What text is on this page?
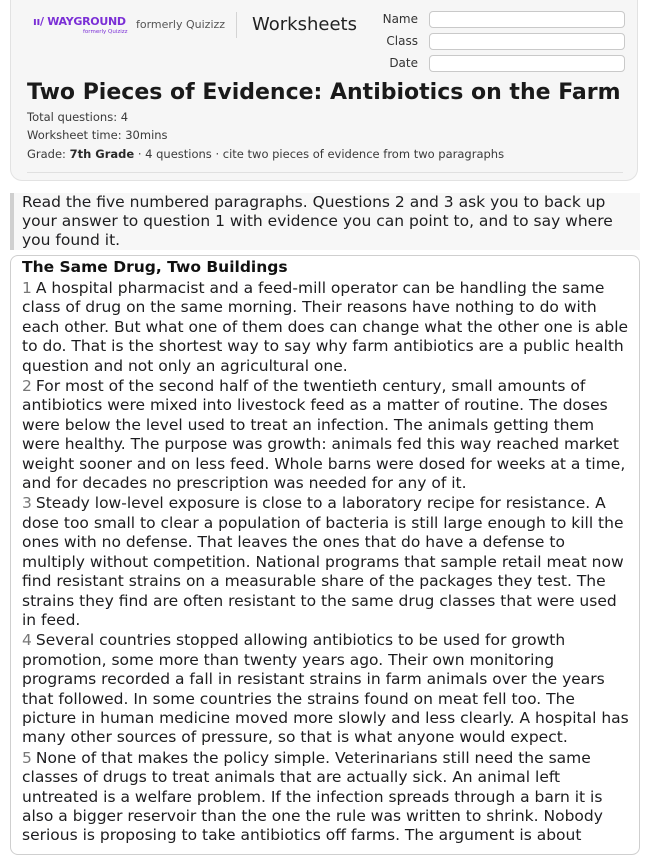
ıı/ WAYGROUND
formerly Quizizz
formerly Quizizz Worksheets	Name
Class
Date
Two Pieces of Evidence: Antibiotics on the Farm
Total questions: 4
Worksheet time: 30mins
Grade: 7th Grade · 4 questions · cite two pieces of evidence from two paragraphs
Read the five numbered paragraphs. Questions 2 and 3 ask you to back up your answer to question 1 with evidence you can point to, and to say where you found it.
The Same Drug, Two Buildings

1 A hospital pharmacist and a feed-mill operator can be handling the same class of drug on the same morning. Their reasons have nothing to do with each other. But what one of them does can change what the other one is able to do. That is the shortest way to say why farm antibiotics are a public health question and not only an agricultural one.

2 For most of the second half of the twentieth century, small amounts of antibiotics were mixed into livestock feed as a matter of routine. The doses were below the level used to treat an infection. The animals getting them were healthy. The purpose was growth: animals fed this way reached market weight sooner and on less feed. Whole barns were dosed for weeks at a time, and for decades no prescription was needed for any of it.

3 Steady low-level exposure is close to a laboratory recipe for resistance. A dose too small to clear a population of bacteria is still large enough to kill the ones with no defense. That leaves the ones that do have a defense to multiply without competition. National programs that sample retail meat now find resistant strains on a measurable share of the packages they test. The strains they find are often resistant to the same drug classes that were used in feed.

4 Several countries stopped allowing antibiotics to be used for growth promotion, some more than twenty years ago. Their own monitoring programs recorded a fall in resistant strains in farm animals over the years that followed. In some countries the strains found on meat fell too. The picture in human medicine moved more slowly and less clearly. A hospital has many other sources of pressure, so that is what anyone would expect.

5 None of that makes the policy simple. Veterinarians still need the same classes of drugs to treat animals that are actually sick. An animal left untreated is a welfare problem. If the infection spreads through a barn it is also a bigger reservoir than the one the rule was written to shrink. Nobody serious is proposing to take antibiotics off farms. The argument is about
